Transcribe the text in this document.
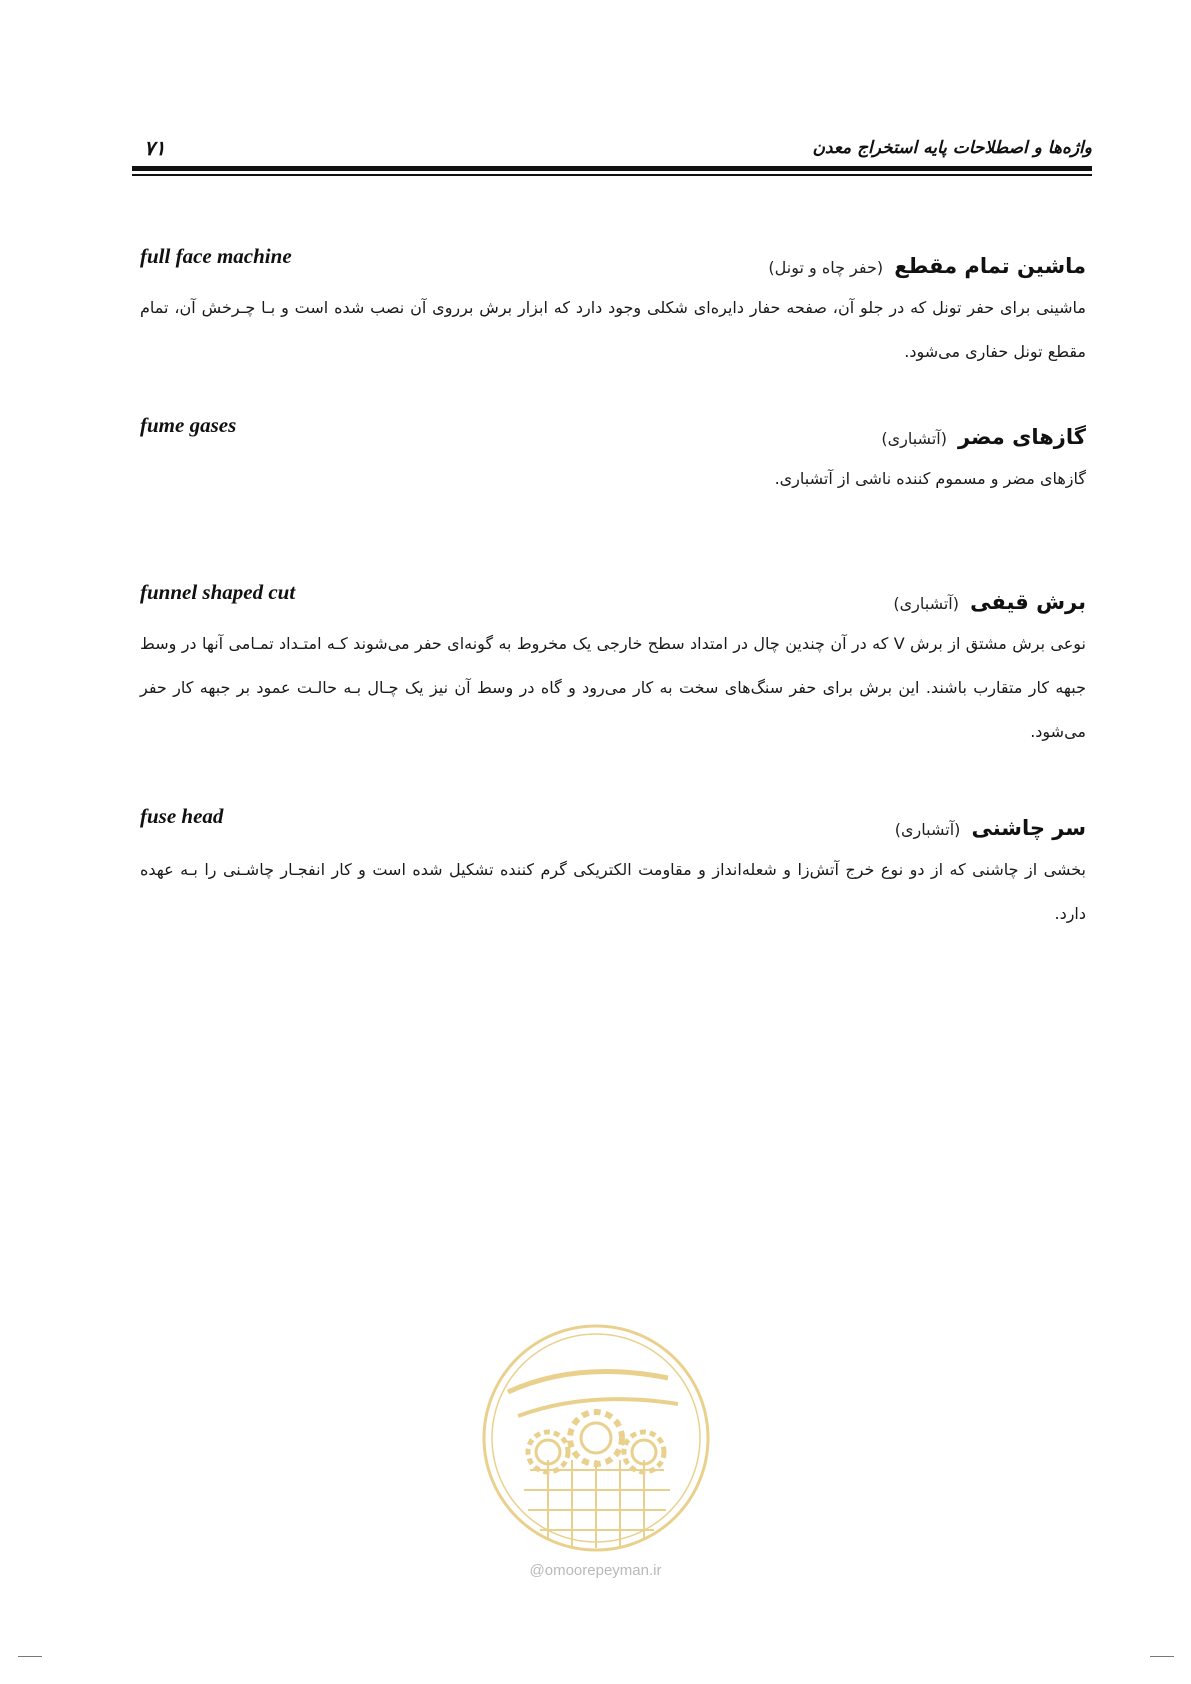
۷۱	واژه‌ها و اصطلاحات پایه استخراج معدن
full face machine	ماشین تمام مقطع (حفر چاه و تونل)
ماشینی برای حفر تونل که در جلو آن، صفحه حفار دایره‌ای شکلی وجود دارد که ابزار برش برروی آن نصب شده است و بـا چـرخش آن، تمام مقطع تونل حفاری می‌شود.
fume gases	گازهای مضر (آتشباری)
گازهای مضر و مسموم کننده ناشی از آتشباری.
funnel shaped cut	برش قیفی (آتشباری)
نوعی برش مشتق از برش V که در آن چندین چال در امتداد سطح خارجی یک مخروط به گونه‌ای حفر می‌شوند کـه امتـداد تمـامی آنها در وسط جبهه کار متقارب باشند. این برش برای حفر سنگ‌های سخت به کار می‌رود و گاه در وسط آن نیز یک چـال بـه حالـت عمود بر جبهه کار حفر می‌شود.
fuse head	سر چاشنی (آتشباری)
بخشی از چاشنی که از دو نوع خرج آتش‌زا و شعله‌انداز و مقاومت الکتریکی گرم کننده تشکیل شده است و کار انفجـار چاشـنی را بـه عهده دارد.
@omoorepeyman.ir
